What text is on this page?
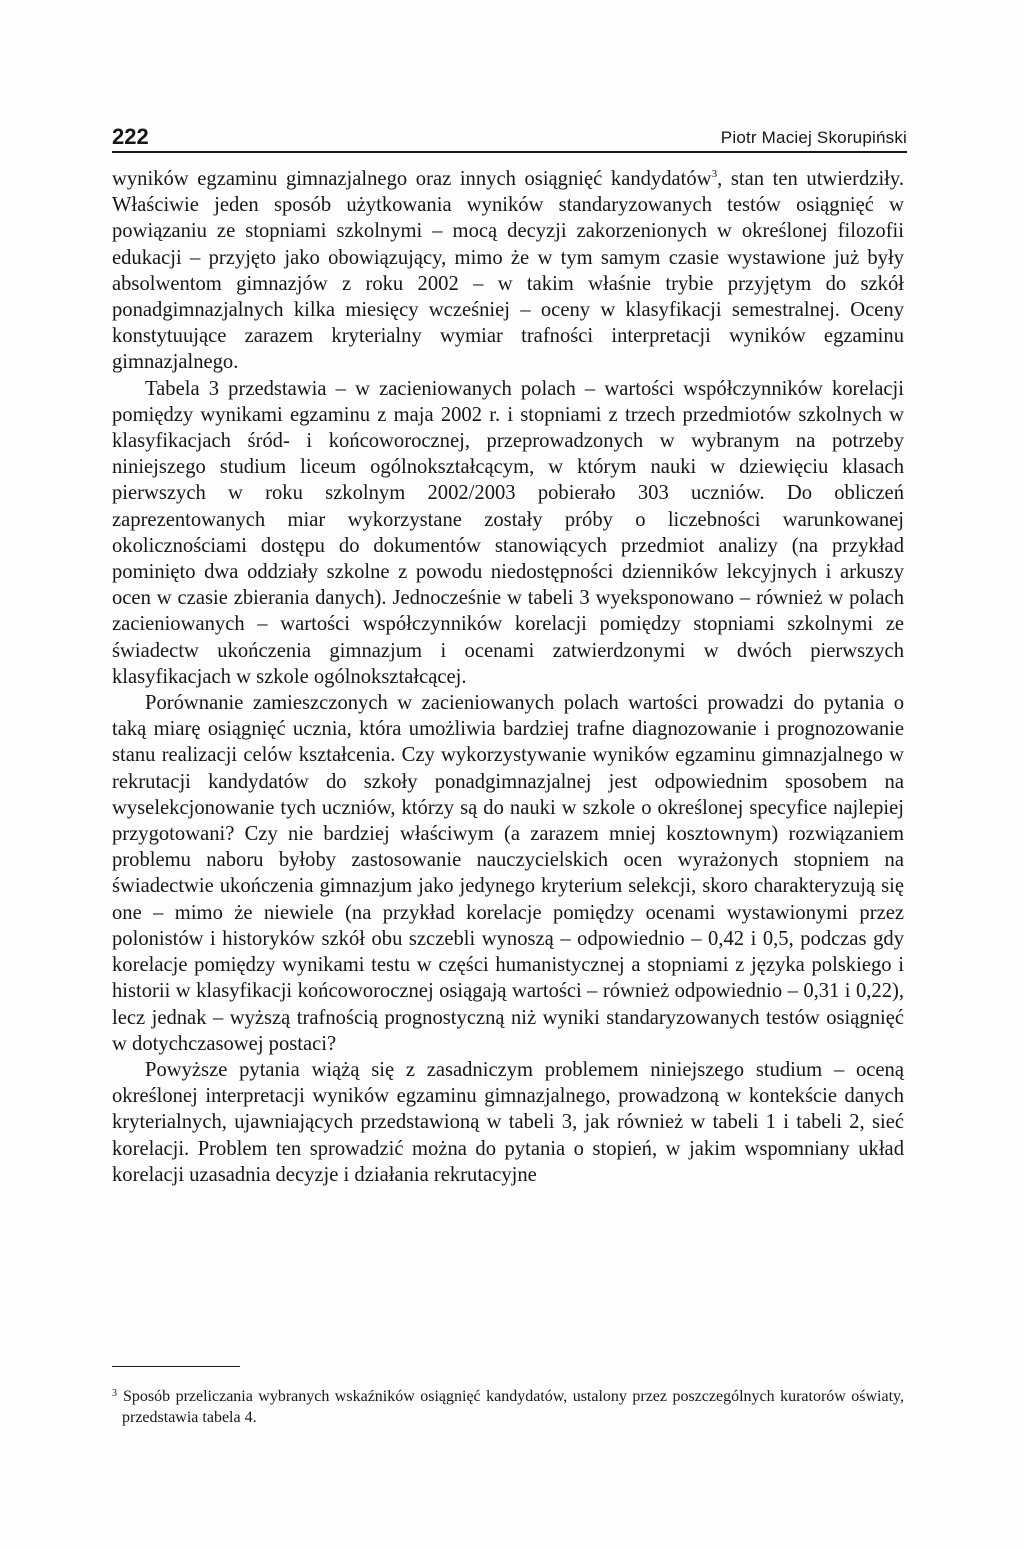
222	Piotr Maciej Skorupiński

wyników egzaminu gimnazjalnego oraz innych osiągnięć kandydatów$^3$, stan ten utwierdziły. Właściwie jeden sposób użytkowania wyników standaryzowanych testów osiągnięć w powiązaniu ze stopniami szkolnymi – mocą decyzji zakorzenionych w określonej filozofii edukacji – przyjęto jako obowiązujący, mimo że w tym samym czasie wystawione już były absolwentom gimnazjów z roku 2002 – w takim właśnie trybie przyjętym do szkół ponadgimnazjalnych kilka miesięcy wcześniej – oceny w klasyfikacji semestralnej. Oceny konstytuujące zarazem kryterialny wymiar trafności interpretacji wyników egzaminu gimnazjalnego.

Tabela 3 przedstawia – w zacieniowanych polach – wartości współczynników korelacji pomiędzy wynikami egzaminu z maja 2002 r. i stopniami z trzech przedmiotów szkolnych w klasyfikacjach śród- i końcoworocznej, przeprowadzonych w wybranym na potrzeby niniejszego studium liceum ogólnokształcącym, w którym nauki w dziewięciu klasach pierwszych w roku szkolnym 2002/2003 pobierało 303 uczniów. Do obliczeń zaprezentowanych miar wykorzystane zostały próby o liczebności warunkowanej okolicznościami dostępu do dokumentów stanowiących przedmiot analizy (na przykład pominięto dwa oddziały szkolne z powodu niedostępności dzienników lekcyjnych i arkuszy ocen w czasie zbierania danych). Jednocześnie w tabeli 3 wyeksponowano – również w polach zacieniowanych – wartości współczynników korelacji pomiędzy stopniami szkolnymi ze świadectw ukończenia gimnazjum i ocenami zatwierdzonymi w dwóch pierwszych klasyfikacjach w szkole ogólnokształcącej.

Porównanie zamieszczonych w zacieniowanych polach wartości prowadzi do pytania o taką miarę osiągnięć ucznia, która umożliwia bardziej trafne diagnozowanie i prognozowanie stanu realizacji celów kształcenia. Czy wykorzystywanie wyników egzaminu gimnazjalnego w rekrutacji kandydatów do szkoły ponadgimnazjalnej jest odpowiednim sposobem na wyselekcjonowanie tych uczniów, którzy są do nauki w szkole o określonej specyfice najlepiej przygotowani? Czy nie bardziej właściwym (a zarazem mniej kosztownym) rozwiązaniem problemu naboru byłoby zastosowanie nauczycielskich ocen wyrażonych stopniem na świadectwie ukończenia gimnazjum jako jedynego kryterium selekcji, skoro charakteryzują się one – mimo że niewiele (na przykład korelacje pomiędzy ocenami wystawionymi przez polonistów i historyków szkół obu szczebli wynoszą – odpowiednio – 0,42 i 0,5, podczas gdy korelacje pomiędzy wynikami testu w części humanistycznej a stopniami z języka polskiego i historii w klasyfikacji końcoworocznej osiągają wartości – również odpowiednio – 0,31 i 0,22), lecz jednak – wyższą trafnością prognostyczną niż wyniki standaryzowanych testów osiągnięć w dotychczasowej postaci?

Powyższe pytania wiążą się z zasadniczym problemem niniejszego studium – oceną określonej interpretacji wyników egzaminu gimnazjalnego, prowadzoną w kontekście danych kryterialnych, ujawniających przedstawioną w tabeli 3, jak również w tabeli 1 i tabeli 2, sieć korelacji. Problem ten sprowadzić można do pytania o stopień, w jakim wspomniany układ korelacji uzasadnia decyzje i działania rekrutacyjne

$^3$ Sposób przeliczania wybranych wskaźników osiągnięć kandydatów, ustalony przez poszczególnych kuratorów oświaty, przedstawia tabela 4.
